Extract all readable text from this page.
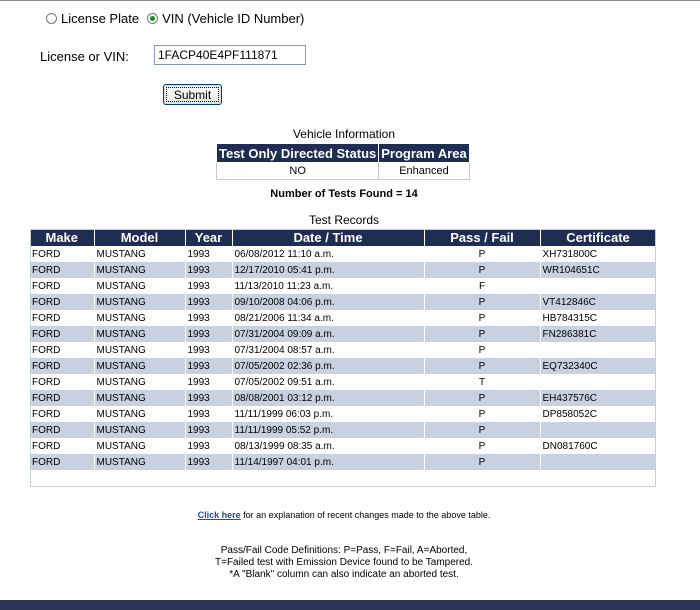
License Plate VIN (Vehicle ID Number)
License or VIN:
1FACP40E4PF111871
Submit
Vehicle Information
Test Only Directed Status	Program Area
NO	Enhanced
Number of Tests Found = 14
Test Records
Make	Model	Year	Date / Time	Pass / Fail	Certificate
FORD	MUSTANG	1993	06/08/2012 11:10 a.m.	P	XH731800C
FORD	MUSTANG	1993	12/17/2010 05:41 p.m.	P	WR104651C
FORD	MUSTANG	1993	11/13/2010 11:23 a.m.	F	
FORD	MUSTANG	1993	09/10/2008 04:06 p.m.	P	VT412846C
FORD	MUSTANG	1993	08/21/2006 11:34 a.m.	P	HB784315C
FORD	MUSTANG	1993	07/31/2004 09:09 a.m.	P	FN286381C
FORD	MUSTANG	1993	07/31/2004 08:57 a.m.	P	
FORD	MUSTANG	1993	07/05/2002 02:36 p.m.	P	EQ732340C
FORD	MUSTANG	1993	07/05/2002 09:51 a.m.	T	
FORD	MUSTANG	1993	08/08/2001 03:12 p.m.	P	EH437576C
FORD	MUSTANG	1993	11/11/1999 06:03 p.m.	P	DP858052C
FORD	MUSTANG	1993	11/11/1999 05:52 p.m.	P	
FORD	MUSTANG	1993	08/13/1999 08:35 a.m.	P	DN081760C
FORD	MUSTANG	1993	11/14/1997 04:01 p.m.	P	
Click here for an explanation of recent changes made to the above table.
Pass/Fail Code Definitions: P=Pass, F=Fail, A=Aborted,
T=Failed test with Emission Device found to be Tampered.
*A "Blank" column can also indicate an aborted test.
